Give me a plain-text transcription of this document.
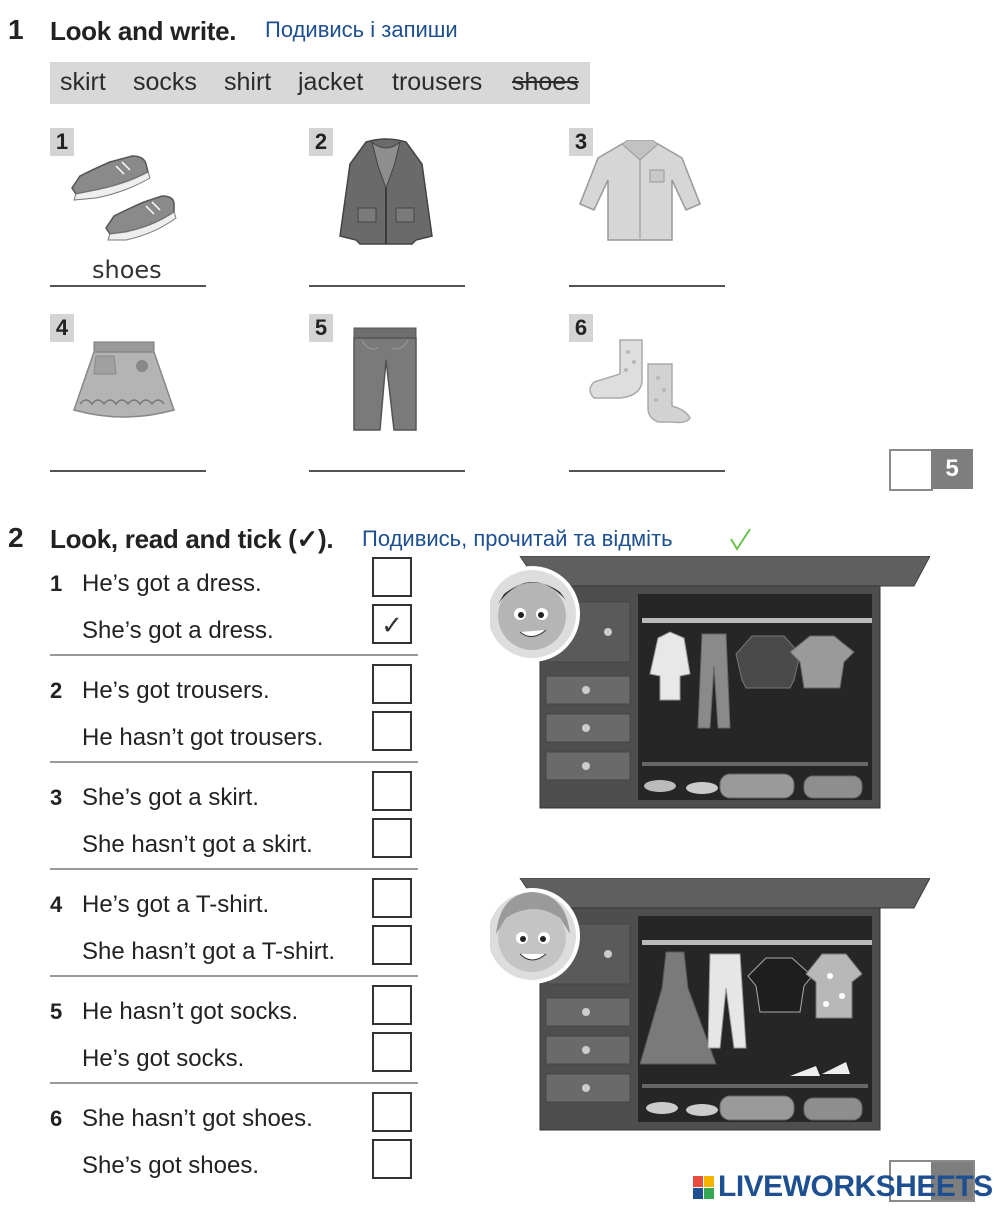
1 Look and write. Подивись і запиши
skirt socks shirt jacket trousers shoes
1
shoes
2	3
4	5	6
5
2 Look, read and tick (✓). Подивись, прочитай та відміть
1 He’s got a dress.
She’s got a dress.	✓
2 He’s got trousers.
He hasn’t got trousers.
3 She’s got a skirt.
She hasn’t got a skirt.
4 He’s got a T-shirt.
She hasn’t got a T-shirt.
5 He hasn’t got socks.
He’s got socks.
6 She hasn’t got shoes.
She’s got shoes.
LIVEWORKSHEETS
